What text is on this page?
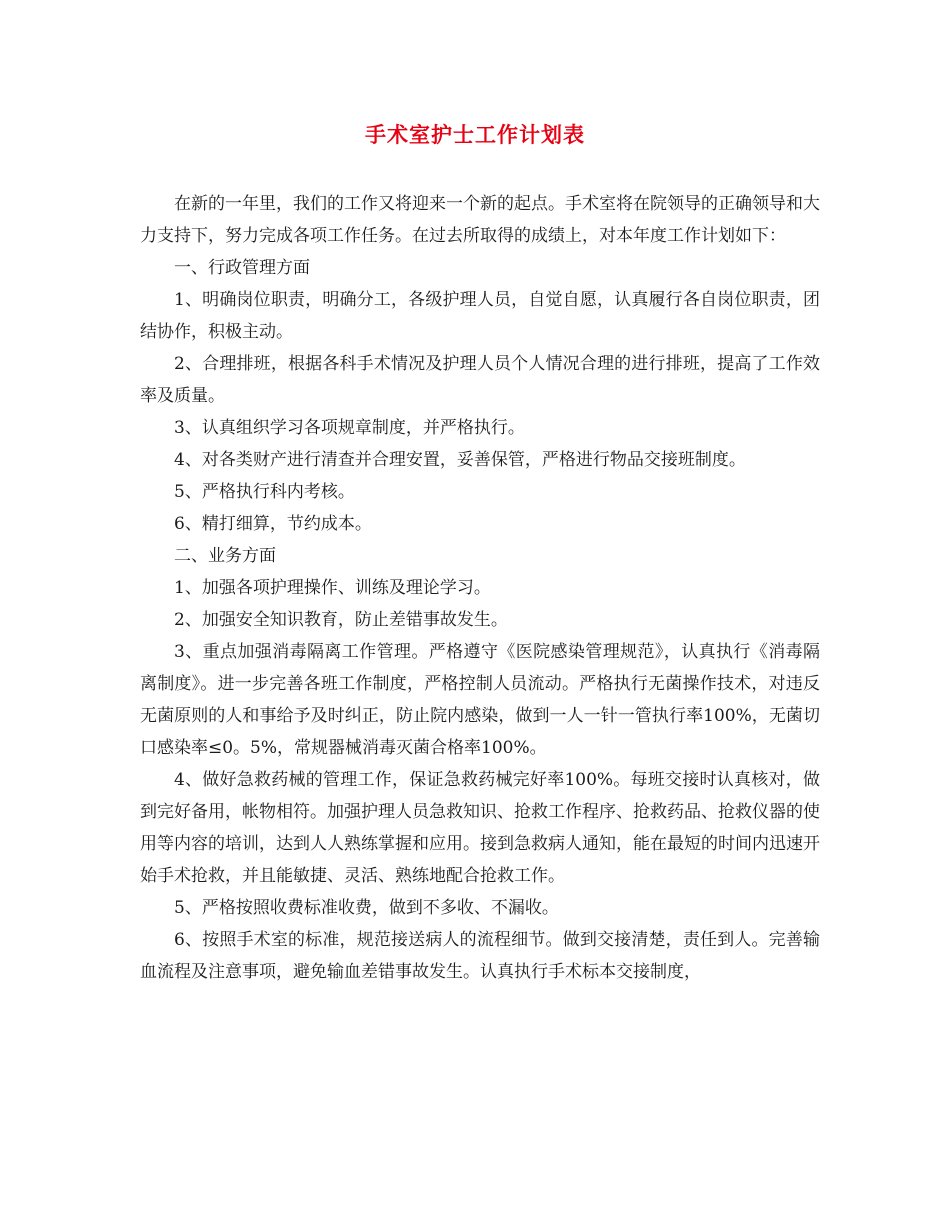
手术室护士工作计划表

在新的一年里，我们的工作又将迎来一个新的起点。手术室将在院领导的正确领导和大力支持下，努力完成各项工作任务。在过去所取得的成绩上，对本年度工作计划如下：

一、行政管理方面

1、明确岗位职责，明确分工，各级护理人员，自觉自愿，认真履行各自岗位职责，团结协作，积极主动。

2、合理排班，根据各科手术情况及护理人员个人情况合理的进行排班，提高了工作效率及质量。

3、认真组织学习各项规章制度，并严格执行。

4、对各类财产进行清查并合理安置，妥善保管，严格进行物品交接班制度。

5、严格执行科内考核。

6、精打细算，节约成本。

二、业务方面

1、加强各项护理操作、训练及理论学习。

2、加强安全知识教育，防止差错事故发生。

3、重点加强消毒隔离工作管理。严格遵守《医院感染管理规范》，认真执行《消毒隔离制度》。进一步完善各班工作制度，严格控制人员流动。严格执行无菌操作技术，对违反无菌原则的人和事给予及时纠正，防止院内感染，做到一人一针一管执行率100%，无菌切口感染率≤0。5%，常规器械消毒灭菌合格率100%。

4、做好急救药械的管理工作，保证急救药械完好率100%。每班交接时认真核对，做到完好备用，帐物相符。加强护理人员急救知识、抢救工作程序、抢救药品、抢救仪器的使用等内容的培训，达到人人熟练掌握和应用。接到急救病人通知，能在最短的时间内迅速开始手术抢救，并且能敏捷、灵活、熟练地配合抢救工作。

5、严格按照收费标准收费，做到不多收、不漏收。

6、按照手术室的标准，规范接送病人的流程细节。做到交接清楚，责任到人。完善输血流程及注意事项，避免输血差错事故发生。认真执行手术标本交接制度，
